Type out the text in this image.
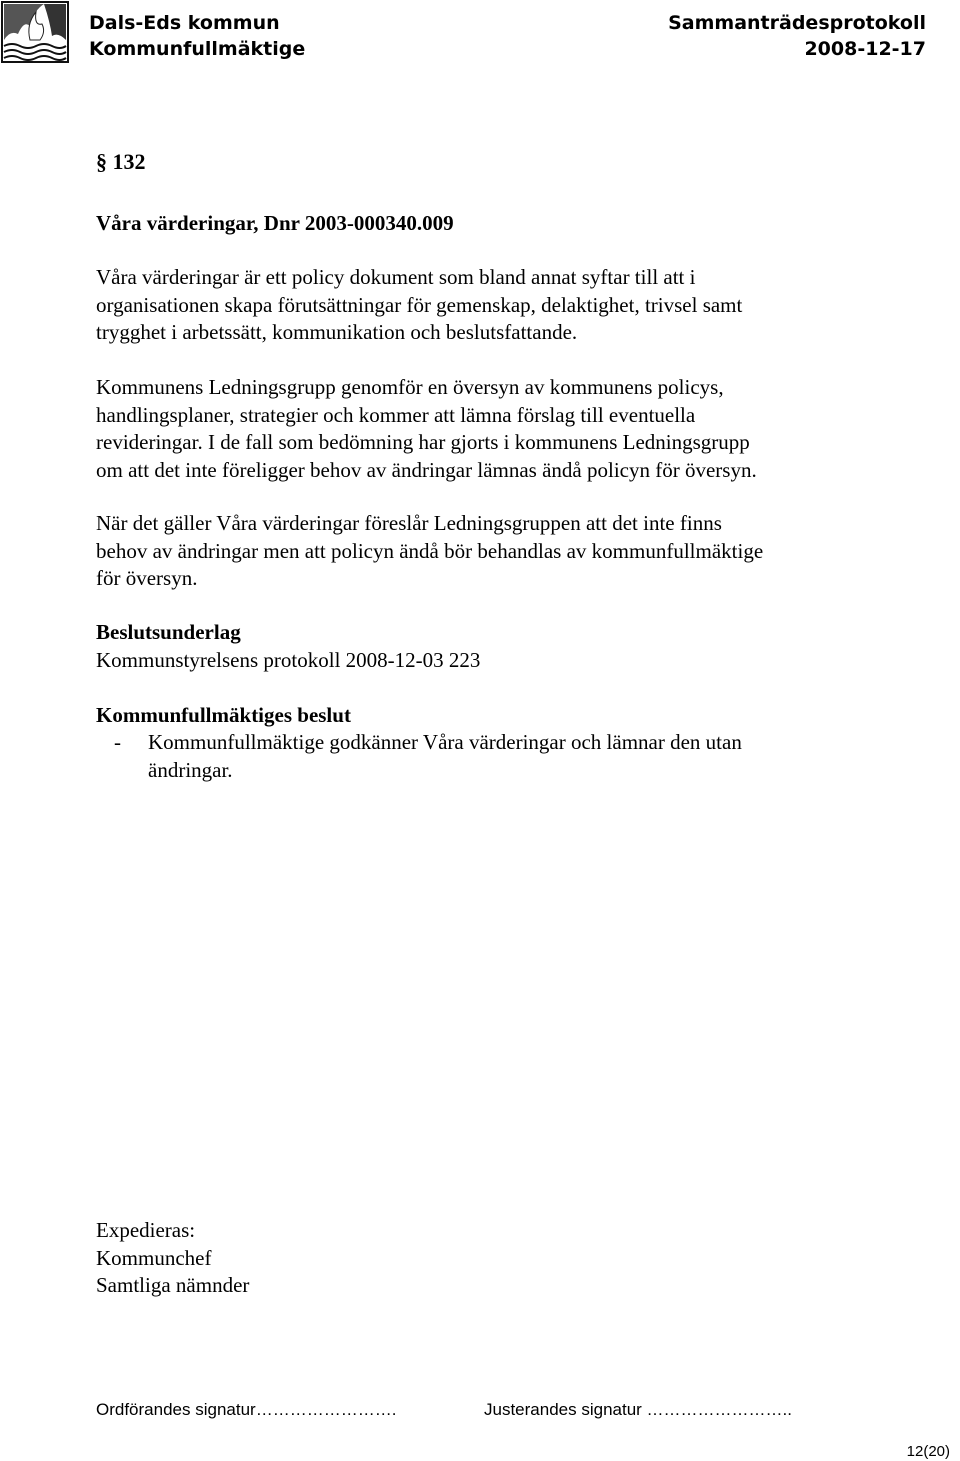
Dals-Eds kommun
Kommunfullmäktige
Sammanträdesprotokoll
2008-12-17
§ 132
Våra värderingar, Dnr 2003-000340.009
Våra värderingar är ett policy dokument som bland annat syftar till att i
organisationen skapa förutsättningar för gemenskap, delaktighet, trivsel samt
trygghet i arbetssätt, kommunikation och beslutsfattande.
Kommunens Ledningsgrupp genomför en översyn av kommunens policys,
handlingsplaner, strategier och kommer att lämna förslag till eventuella
revideringar. I de fall som bedömning har gjorts i kommunens Ledningsgrupp
om att det inte föreligger behov av ändringar lämnas ändå policyn för översyn.
När det gäller Våra värderingar föreslår Ledningsgruppen att det inte finns
behov av ändringar men att policyn ändå bör behandlas av kommunfullmäktige
för översyn.
Beslutsunderlag
Kommunstyrelsens protokoll 2008-12-03 223
Kommunfullmäktiges beslut
- Kommunfullmäktige godkänner Våra värderingar och lämnar den utan
ändringar.
Expedieras:
Kommunchef
Samtliga nämnder
Ordförandes signatur…………………….	Justerandes signatur ……………………..
12(20)
